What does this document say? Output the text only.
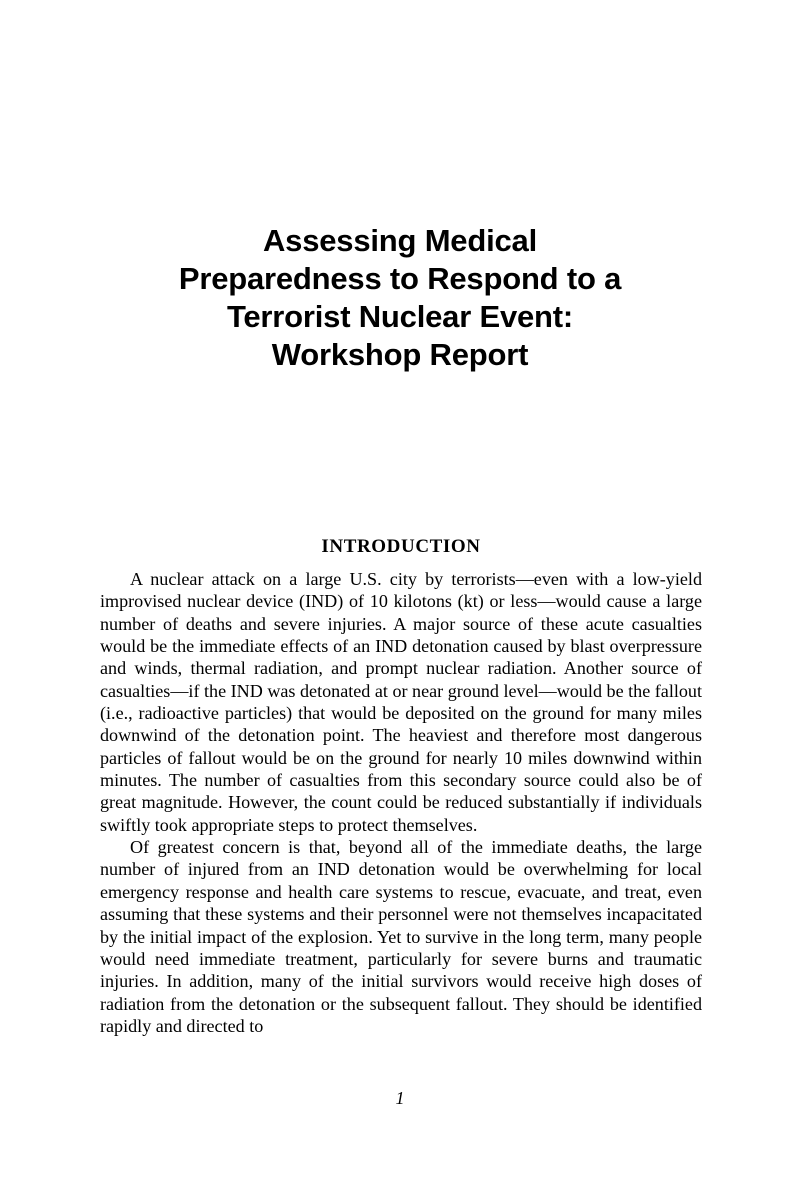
Assessing Medical
Preparedness to Respond to a
Terrorist Nuclear Event:
Workshop Report
INTRODUCTION

A nuclear attack on a large U.S. city by terrorists—even with a low-yield improvised nuclear device (IND) of 10 kilotons (kt) or less—would cause a large number of deaths and severe injuries. A major source of these acute casualties would be the immediate effects of an IND detonation caused by blast overpressure and winds, thermal radiation, and prompt nuclear radiation. Another source of casualties—if the IND was detonated at or near ground level—would be the fallout (i.e., radioactive particles) that would be deposited on the ground for many miles downwind of the detonation point. The heaviest and therefore most dangerous particles of fallout would be on the ground for nearly 10 miles downwind within minutes. The number of casualties from this secondary source could also be of great magnitude. However, the count could be reduced substantially if individuals swiftly took appropriate steps to protect themselves.

Of greatest concern is that, beyond all of the immediate deaths, the large number of injured from an IND detonation would be overwhelming for local emergency response and health care systems to rescue, evacuate, and treat, even assuming that these systems and their personnel were not themselves incapacitated by the initial impact of the explosion. Yet to survive in the long term, many people would need immediate treatment, particularly for severe burns and traumatic injuries. In addition, many of the initial survivors would receive high doses of radiation from the detonation or the subsequent fallout. They should be identified rapidly and directed to

1
